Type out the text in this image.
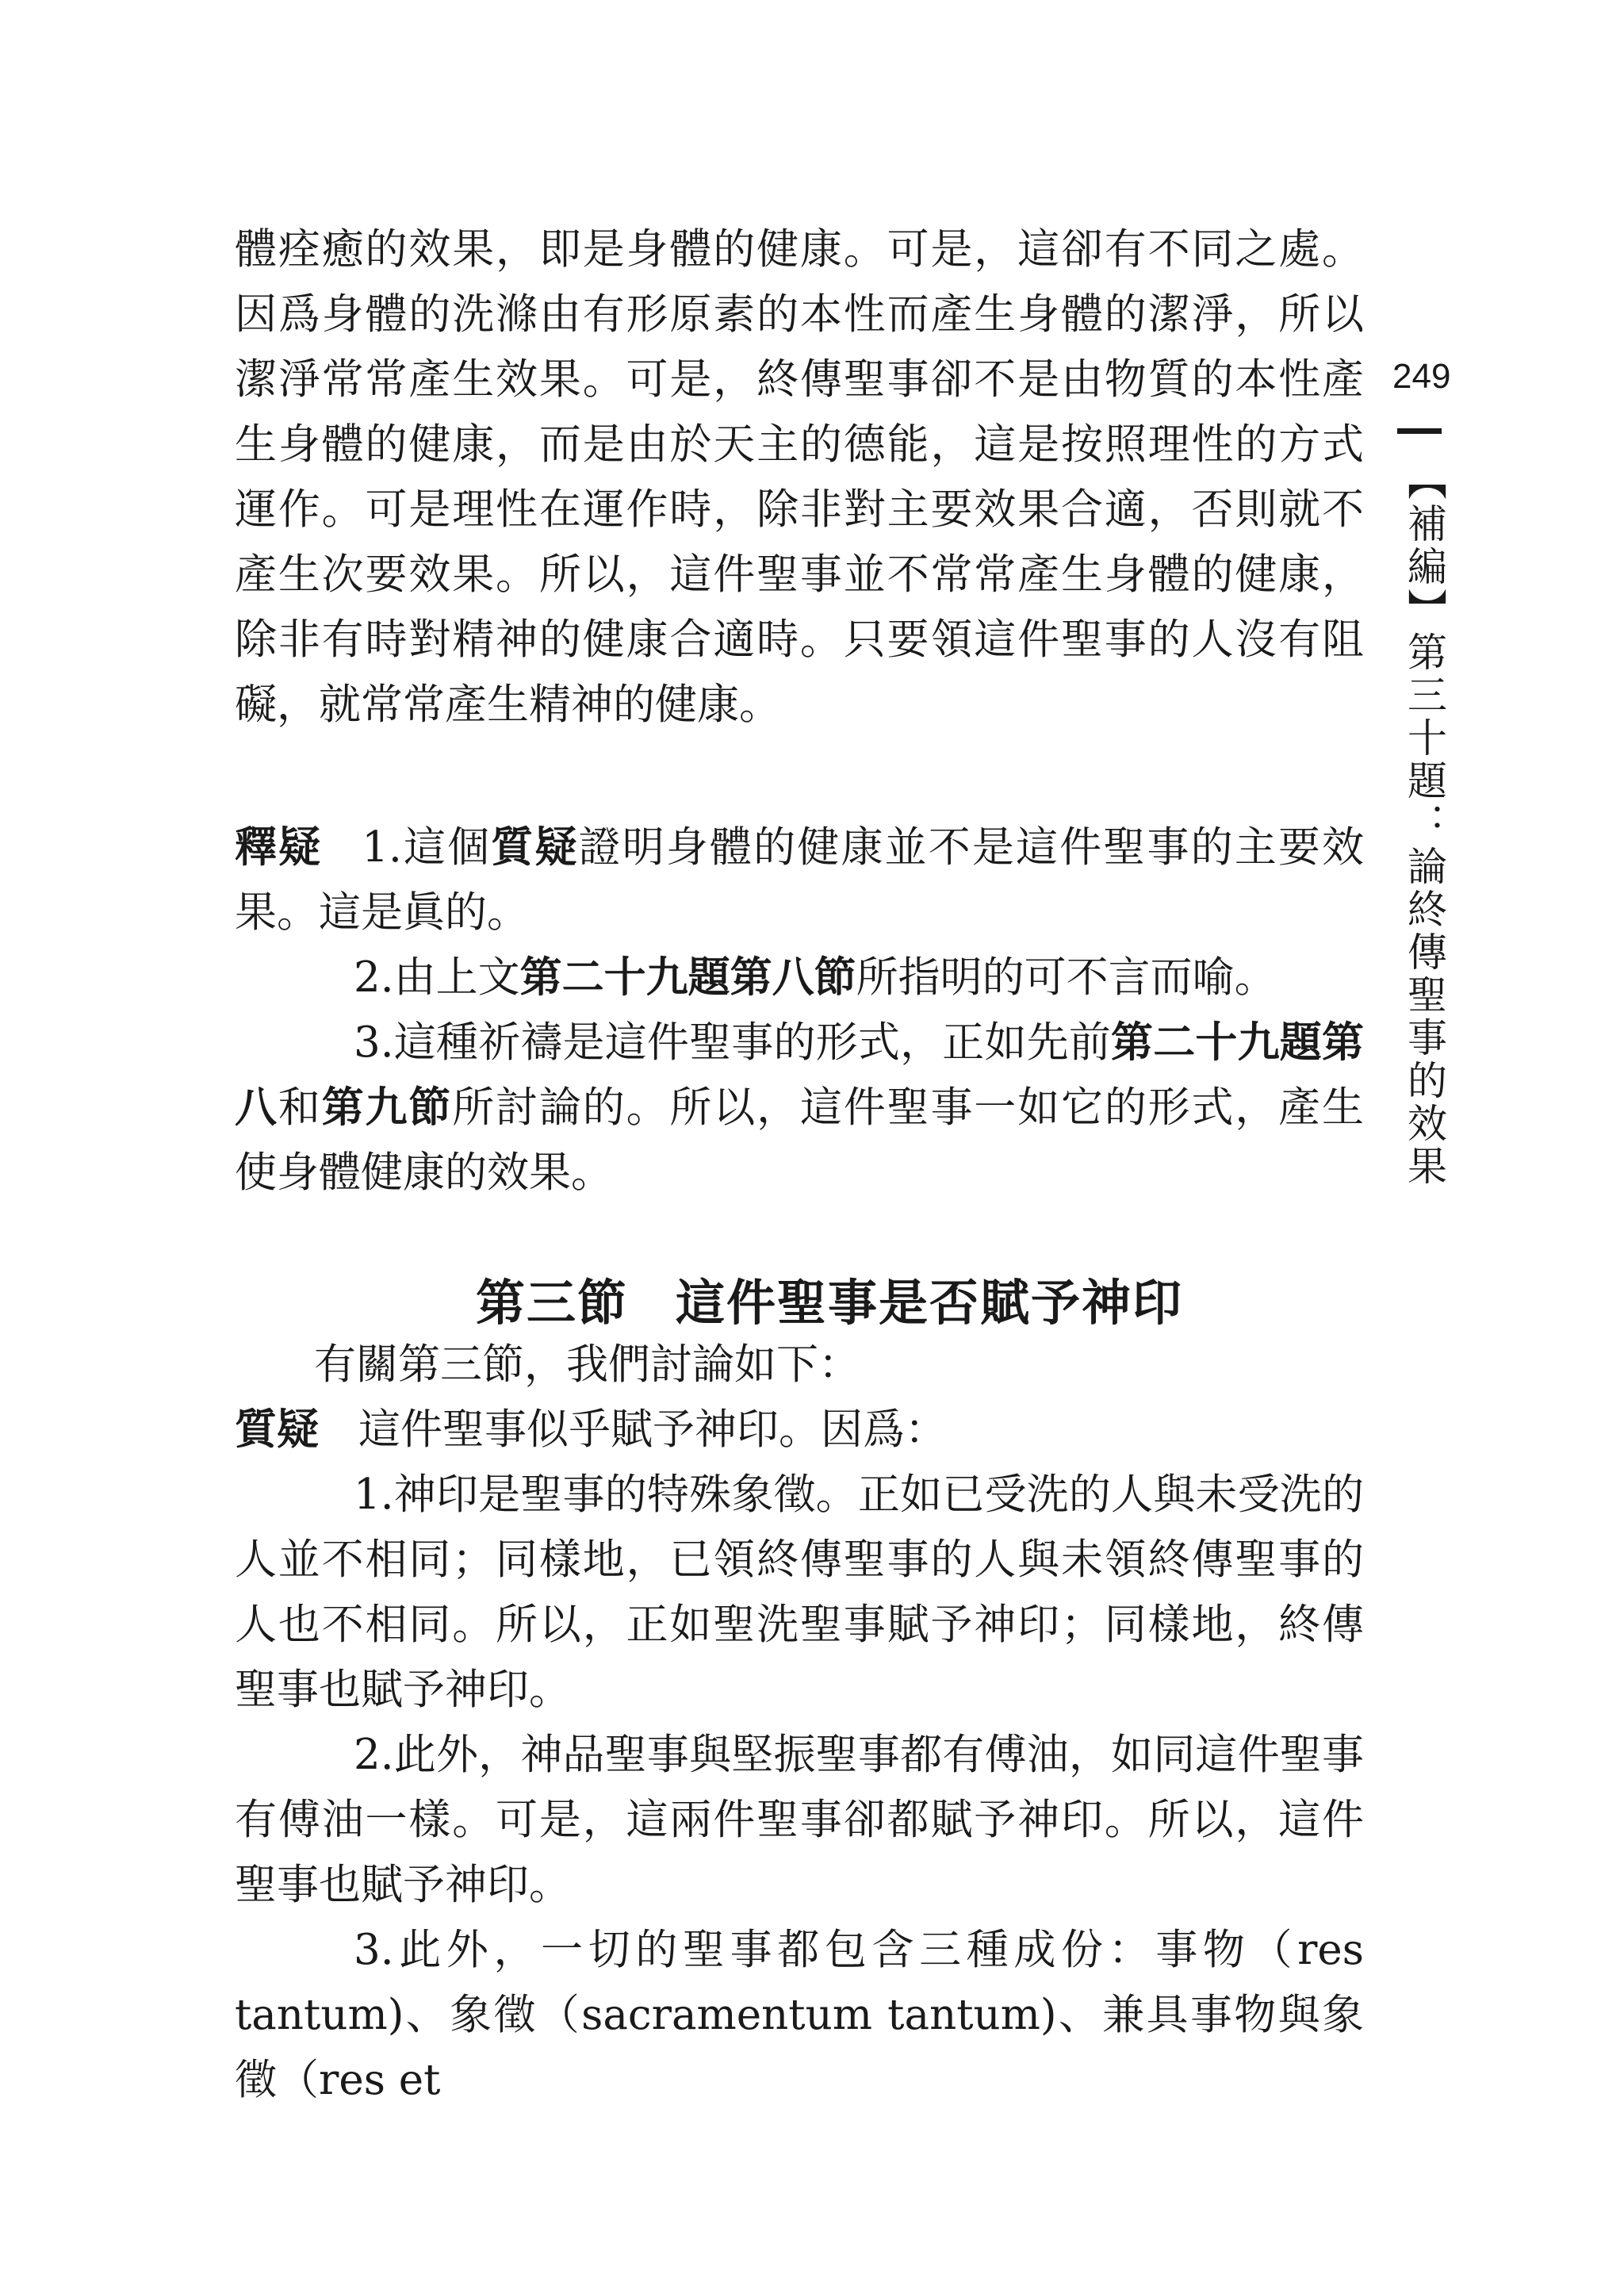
249
【補編】第三十題：論終傳聖事的效果

體痊癒的效果，即是身體的健康。可是，這卻有不同之處。因爲身體的洗滌由有形原素的本性而產生身體的潔淨，所以潔淨常常產生效果。可是，終傳聖事卻不是由物質的本性產生身體的健康，而是由於天主的德能，這是按照理性的方式運作。可是理性在運作時，除非對主要效果合適，否則就不產生次要效果。所以，這件聖事並不常常產生身體的健康，除非有時對精神的健康合適時。只要領這件聖事的人沒有阻礙，就常常產生精神的健康。

釋疑 1.這個質疑證明身體的健康並不是這件聖事的主要效果。這是眞的。

2.由上文第二十九題第八節所指明的可不言而喻。

3.這種祈禱是這件聖事的形式，正如先前第二十九題第八和第九節所討論的。所以，這件聖事一如它的形式，產生使身體健康的效果。

第三節 這件聖事是否賦予神印

有關第三節，我們討論如下：

質疑 這件聖事似乎賦予神印。因爲：

1.神印是聖事的特殊象徵。正如已受洗的人與未受洗的人並不相同；同樣地，已領終傳聖事的人與未領終傳聖事的人也不相同。所以，正如聖洗聖事賦予神印；同樣地，終傳聖事也賦予神印。

2.此外，神品聖事與堅振聖事都有傅油，如同這件聖事有傅油一樣。可是，這兩件聖事卻都賦予神印。所以，這件聖事也賦予神印。

3.此外，一切的聖事都包含三種成份：事物（res tantum)、象徵（sacramentum tantum)、兼具事物與象徵（res et
